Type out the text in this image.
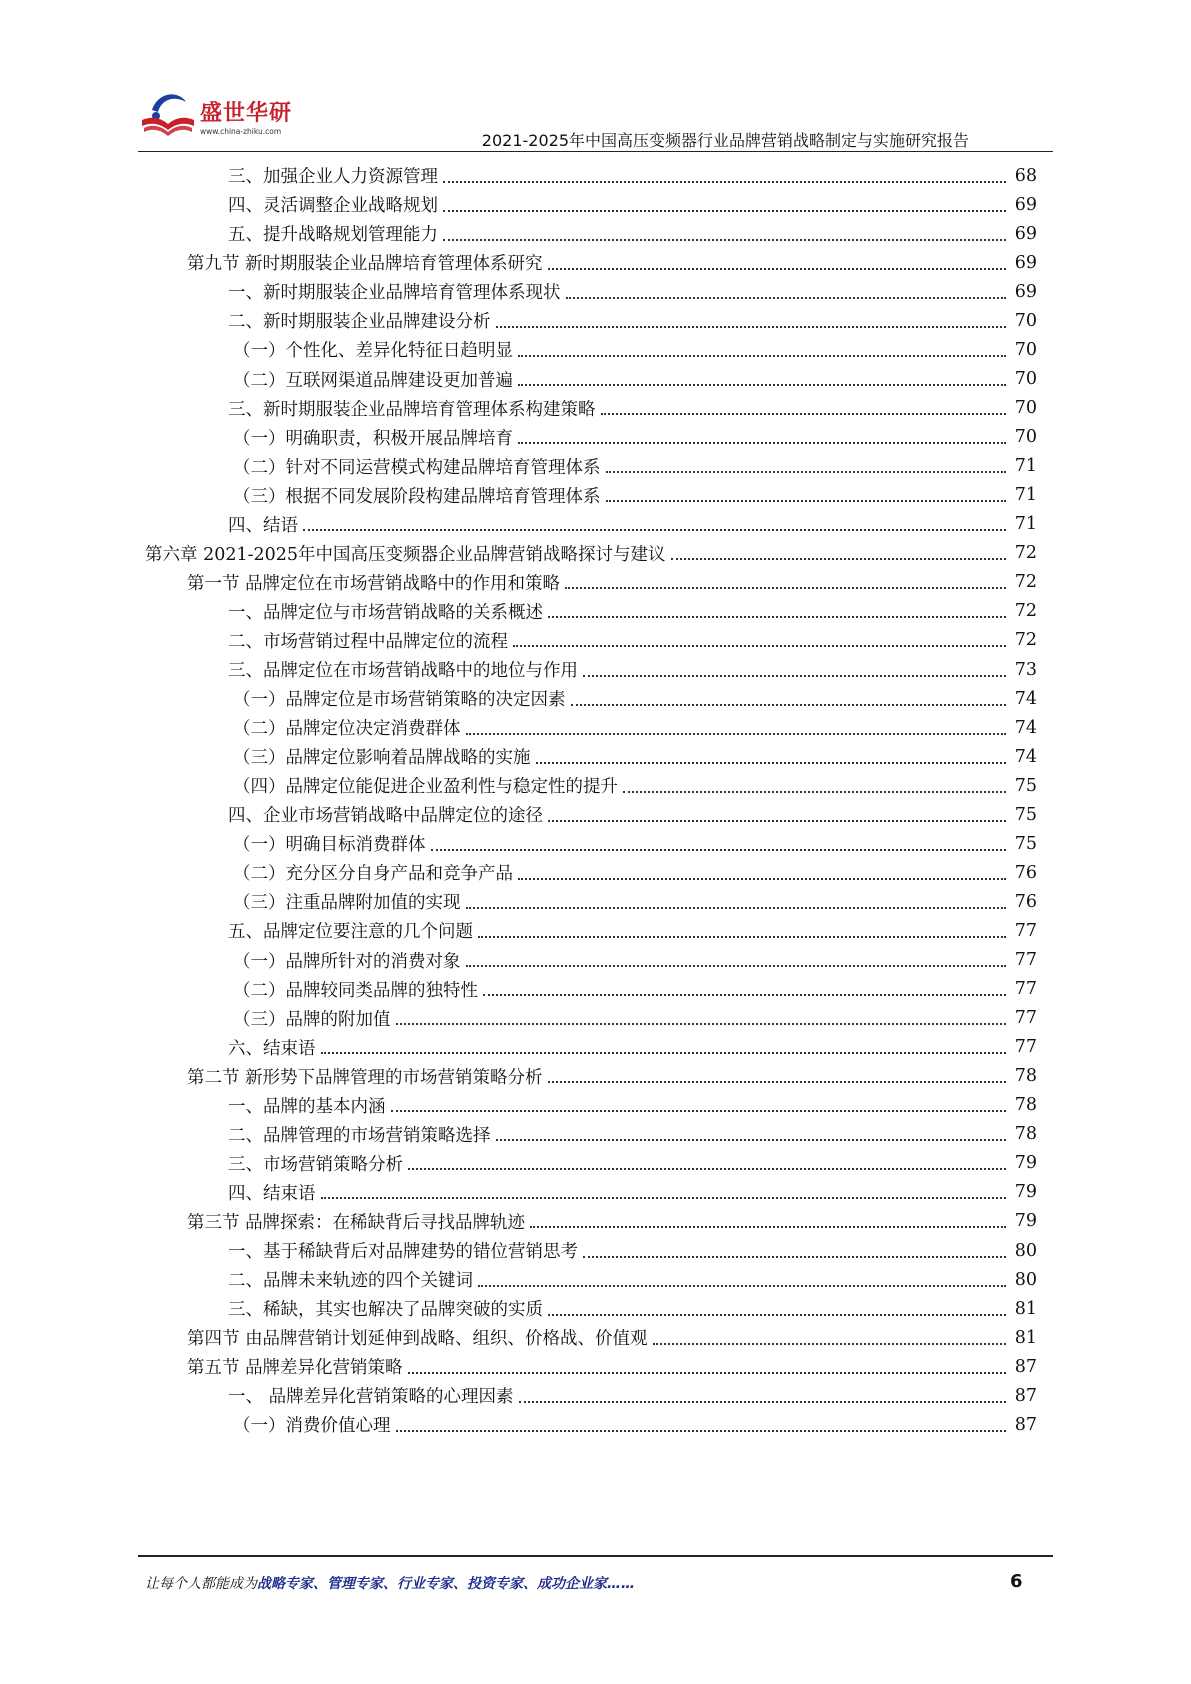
盛世华研
www.china-zhiku.com	2021-2025年中国高压变频器行业品牌营销战略制定与实施研究报告
三、加强企业人力资源管理	68
四、灵活调整企业战略规划	69
五、提升战略规划管理能力	69
第九节 新时期服装企业品牌培育管理体系研究	69
一、新时期服装企业品牌培育管理体系现状	69
二、新时期服装企业品牌建设分析	70
（一）个性化、差异化特征日趋明显	70
（二）互联网渠道品牌建设更加普遍	70
三、新时期服装企业品牌培育管理体系构建策略	70
（一）明确职责，积极开展品牌培育	70
（二）针对不同运营模式构建品牌培育管理体系	71
（三）根据不同发展阶段构建品牌培育管理体系	71
四、结语	71
第六章 2021-2025年中国高压变频器企业品牌营销战略探讨与建议	72
第一节 品牌定位在市场营销战略中的作用和策略	72
一、品牌定位与市场营销战略的关系概述	72
二、市场营销过程中品牌定位的流程	72
三、品牌定位在市场营销战略中的地位与作用	73
（一）品牌定位是市场营销策略的决定因素	74
（二）品牌定位决定消费群体	74
（三）品牌定位影响着品牌战略的实施	74
（四）品牌定位能促进企业盈利性与稳定性的提升	75
四、企业市场营销战略中品牌定位的途径	75
（一）明确目标消费群体	75
（二）充分区分自身产品和竞争产品	76
（三）注重品牌附加值的实现	76
五、品牌定位要注意的几个问题	77
（一）品牌所针对的消费对象	77
（二）品牌较同类品牌的独特性	77
（三）品牌的附加值	77
六、结束语	77
第二节 新形势下品牌管理的市场营销策略分析	78
一、品牌的基本内涵	78
二、品牌管理的市场营销策略选择	78
三、市场营销策略分析	79
四、结束语	79
第三节 品牌探索：在稀缺背后寻找品牌轨迹	79
一、基于稀缺背后对品牌建势的错位营销思考	80
二、品牌未来轨迹的四个关键词	80
三、稀缺，其实也解决了品牌突破的实质	81
第四节 由品牌营销计划延伸到战略、组织、价格战、价值观	81
第五节 品牌差异化营销策略	87
一、 品牌差异化营销策略的心理因素	87
（一）消费价值心理	87
让每个人都能成为战略专家、管理专家、行业专家、投资专家、成功企业家……	6
